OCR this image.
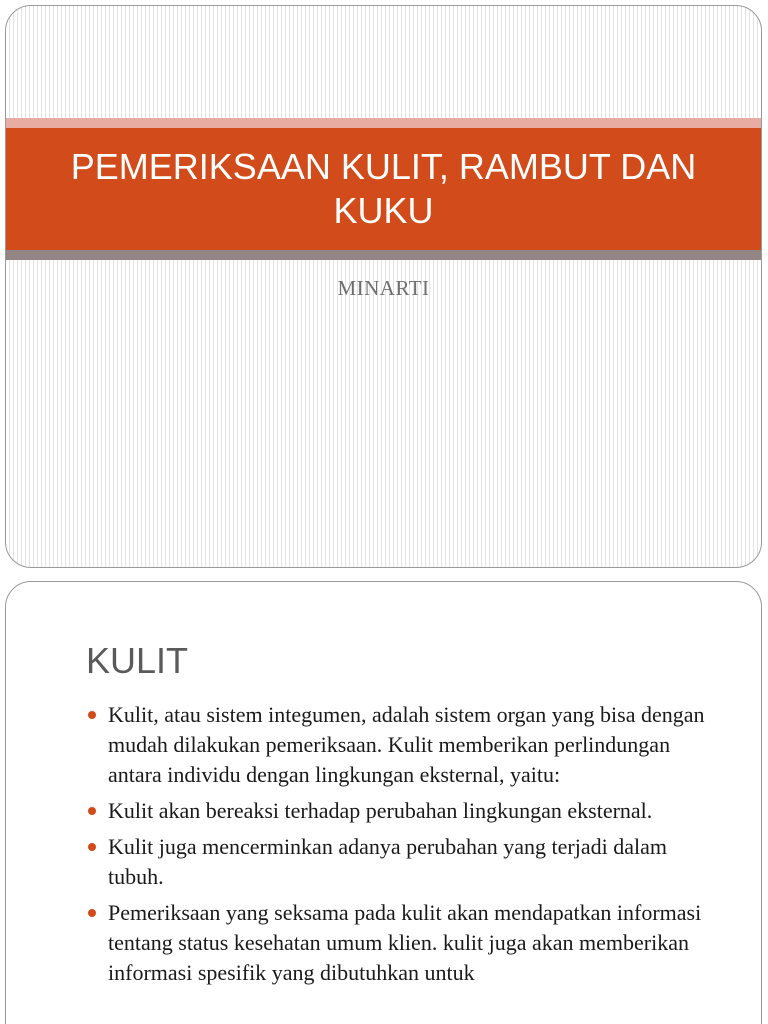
PEMERIKSAAN KULIT, RAMBUT DAN KUKU
MINARTI
KULIT
Kulit, atau sistem integumen, adalah sistem organ yang bisa dengan mudah dilakukan pemeriksaan. Kulit memberikan perlindungan antara individu dengan lingkungan eksternal, yaitu:
Kulit akan bereaksi terhadap perubahan lingkungan eksternal.
Kulit juga mencerminkan adanya perubahan yang terjadi dalam tubuh.
Pemeriksaan yang seksama pada kulit akan mendapatkan informasi tentang status kesehatan umum klien. kulit juga akan memberikan informasi spesifik yang dibutuhkan untuk
